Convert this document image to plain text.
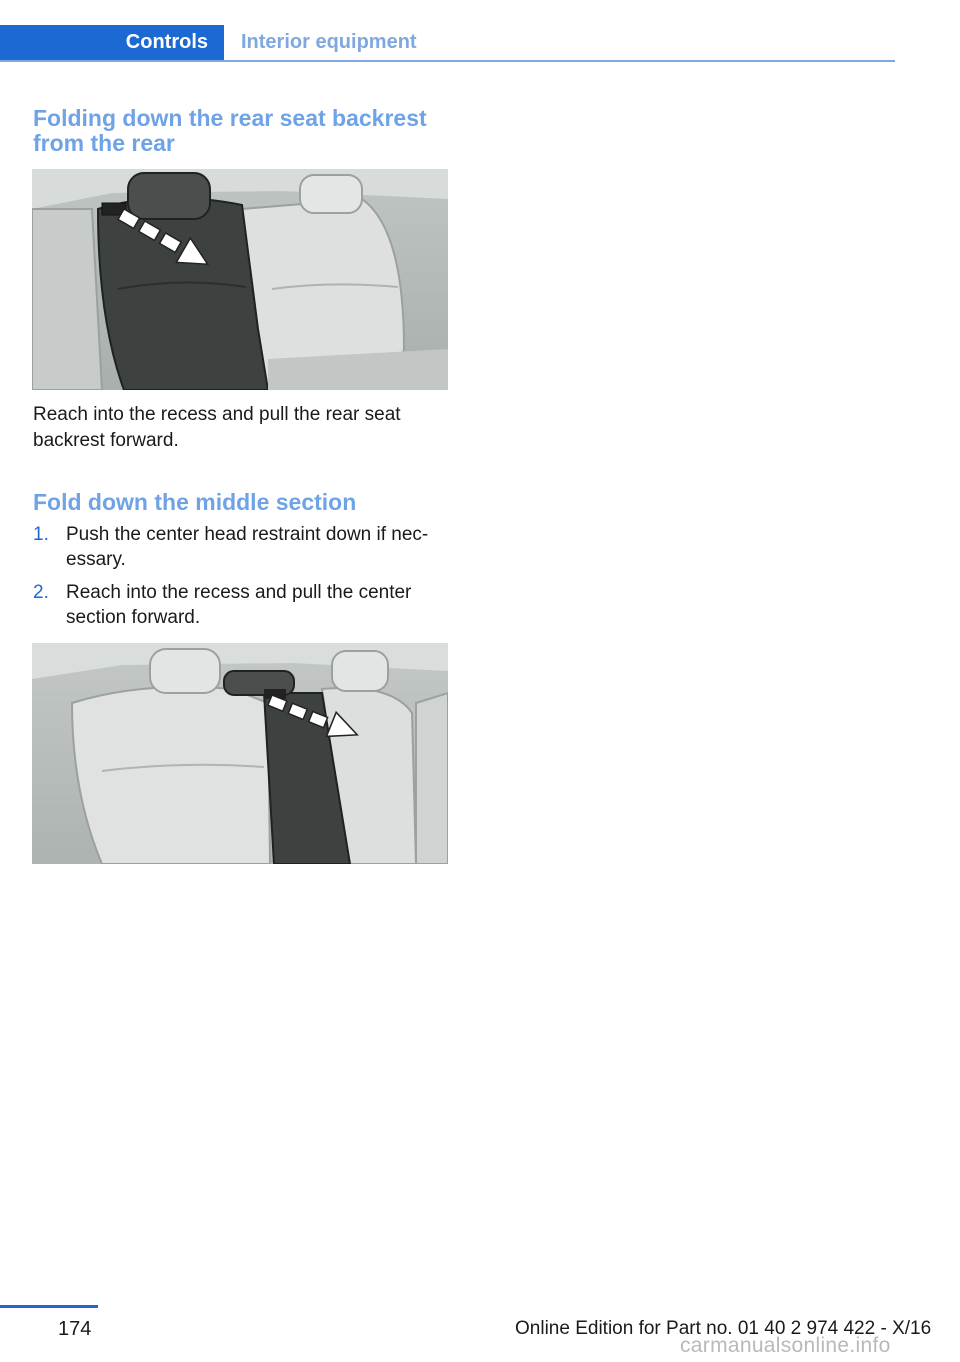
Controls	Interior equipment
Folding down the rear seat backrest
from the rear

Reach into the recess and pull the rear seat
backrest forward.

Fold down the middle section
1. Push the center head restraint down if nec‐
essary.
2. Reach into the recess and pull the center
section forward.
174	Online Edition for Part no. 01 40 2 974 422 - X/16
carmanualsonline.info
